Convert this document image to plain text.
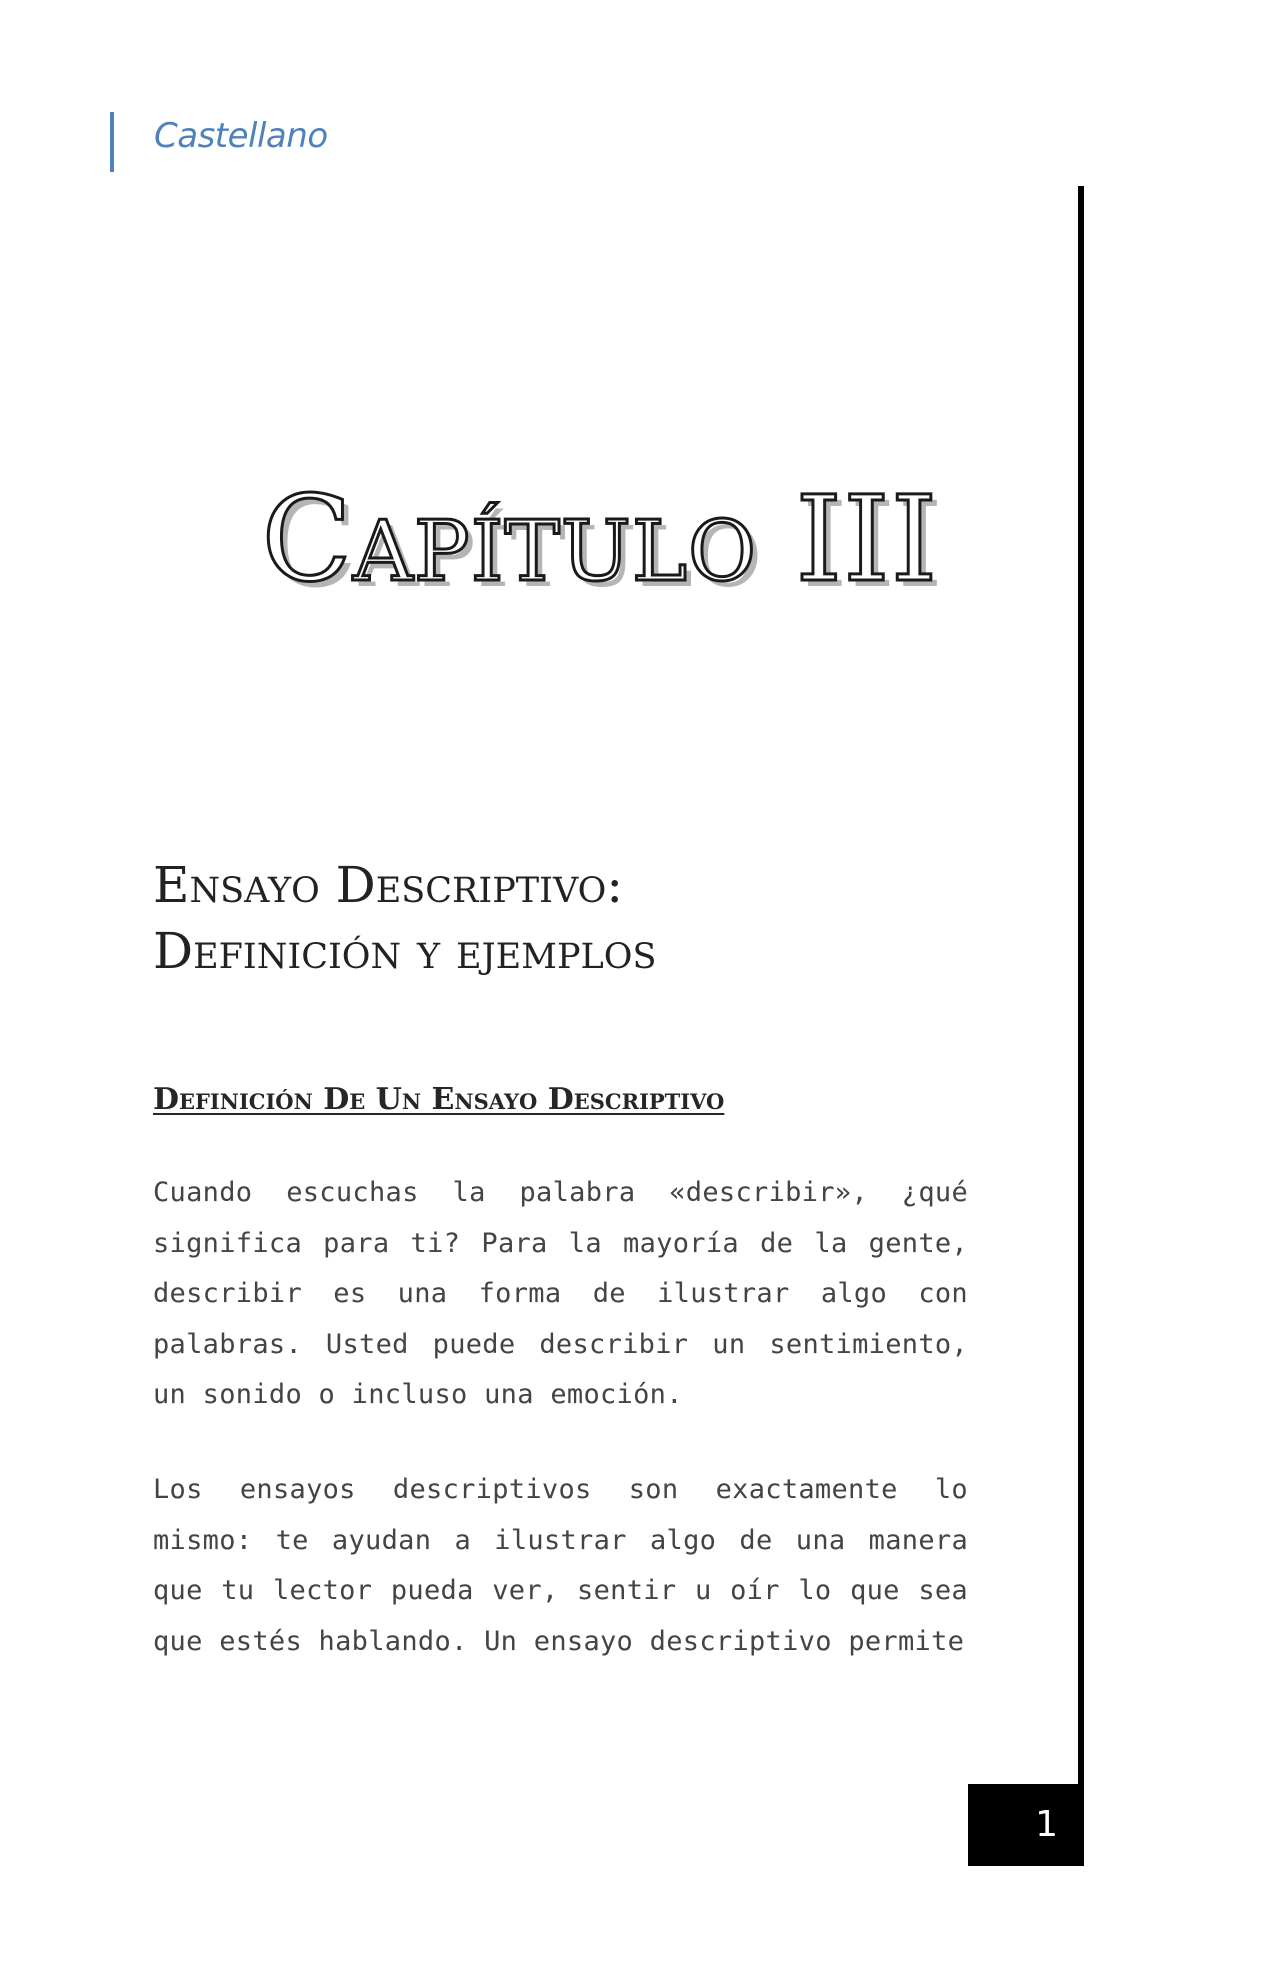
Castellano
Capítulo III
Ensayo Descriptivo:
Definición y ejemplos
Definición De Un Ensayo Descriptivo

Cuando escuchas la palabra «describir», ¿qué significa para ti? Para la mayoría de la gente, describir es una forma de ilustrar algo con palabras. Usted puede describir un sentimiento, un sonido o incluso una emoción.

Los ensayos descriptivos son exactamente lo mismo: te ayudan a ilustrar algo de una manera que tu lector pueda ver, sentir u oír lo que sea que estés hablando. Un ensayo descriptivo permite

1
